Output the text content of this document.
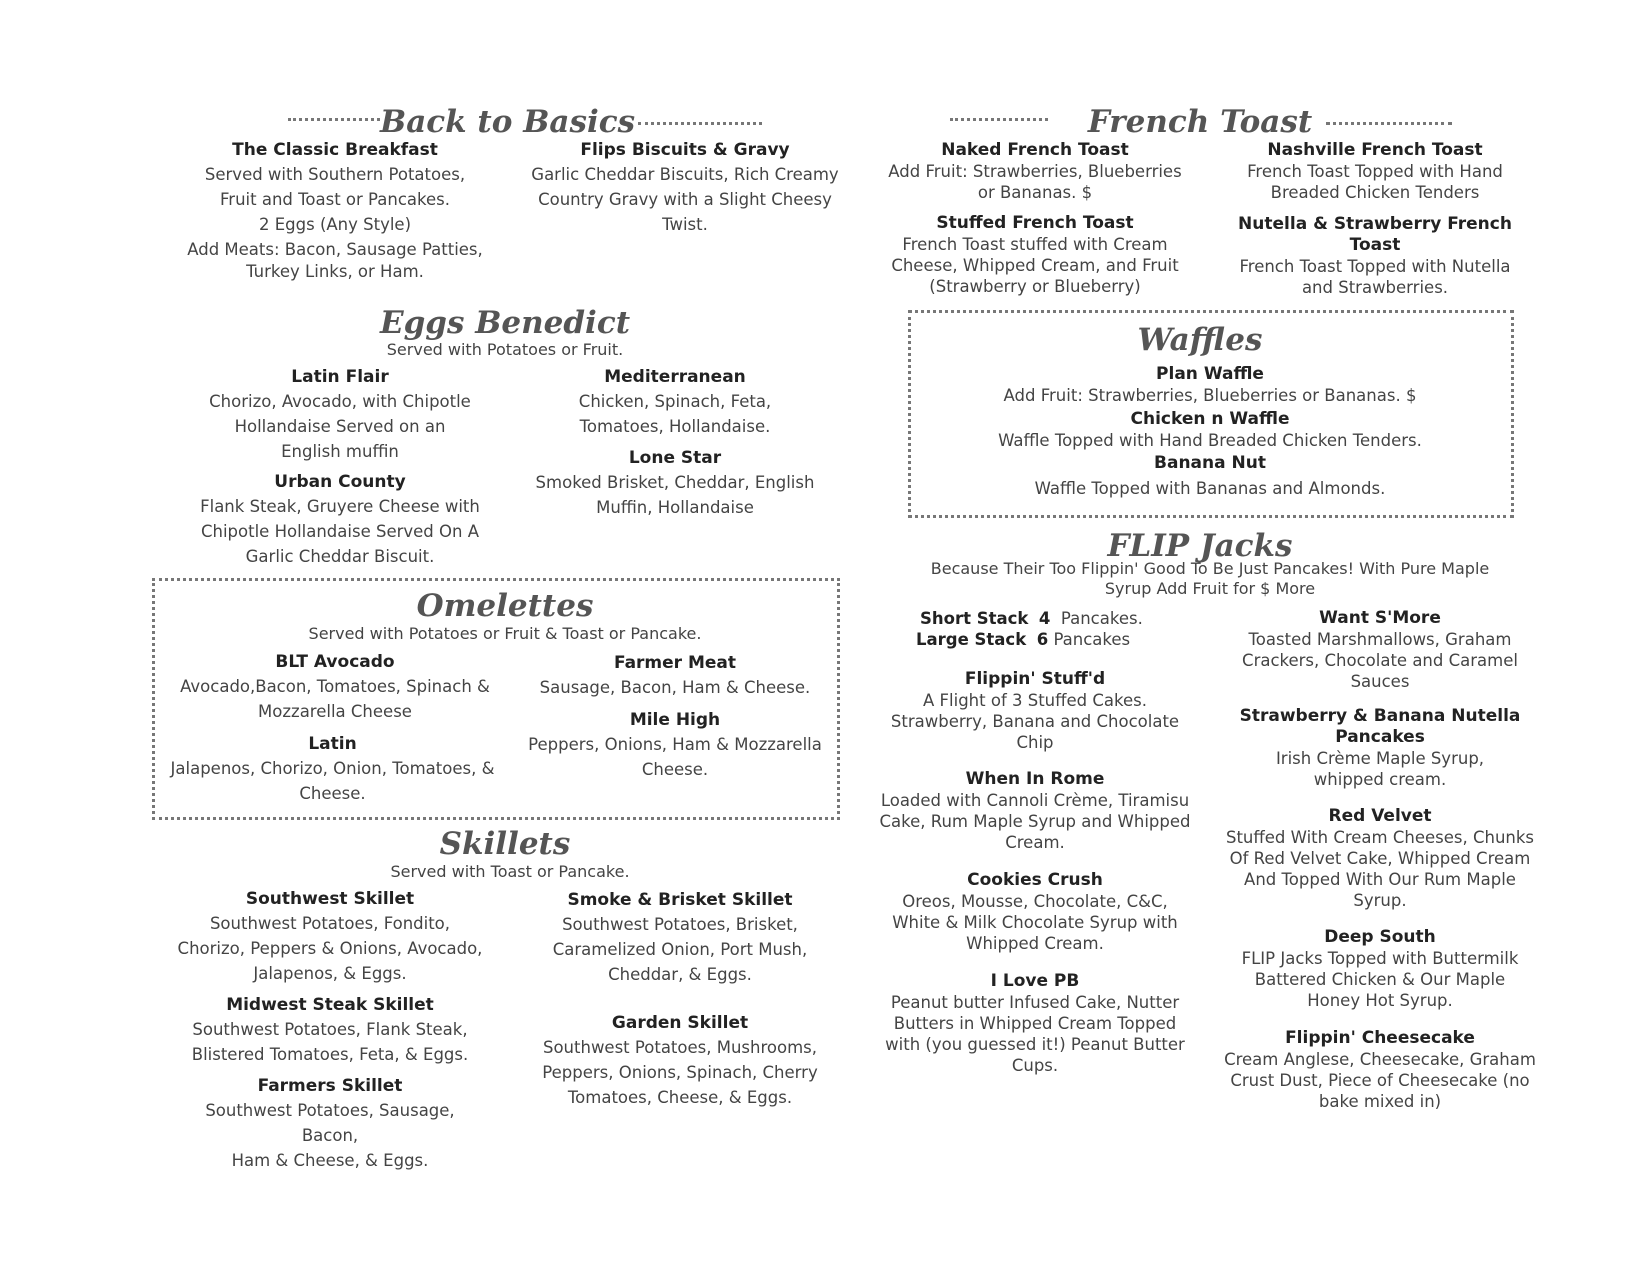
Back to Basics
The Classic Breakfast
Served with Southern Potatoes,
Fruit and Toast or Pancakes.
2 Eggs (Any Style)
Add Meats: Bacon, Sausage Patties,
Turkey Links, or Ham.
Flips Biscuits & Gravy
Garlic Cheddar Biscuits, Rich Creamy
Country Gravy with a Slight Cheesy
Twist.
Eggs Benedict
Served with Potatoes or Fruit.
Latin Flair
Chorizo, Avocado, with Chipotle
Hollandaise Served on an
English muffin
Mediterranean
Chicken, Spinach, Feta,
Tomatoes, Hollandaise.
Urban County
Flank Steak, Gruyere Cheese with
Chipotle Hollandaise Served On A
Garlic Cheddar Biscuit.
Lone Star
Smoked Brisket, Cheddar, English
Muffin, Hollandaise
Omelettes
Served with Potatoes or Fruit & Toast or Pancake.
BLT Avocado
Avocado,Bacon, Tomatoes, Spinach &
Mozzarella Cheese
Farmer Meat
Sausage, Bacon, Ham & Cheese.
Latin
Jalapenos, Chorizo, Onion, Tomatoes, &
Cheese.
Mile High
Peppers, Onions, Ham & Mozzarella
Cheese.
Skillets
Served with Toast or Pancake.
Southwest Skillet
Southwest Potatoes, Fondito,
Chorizo, Peppers & Onions, Avocado,
Jalapenos, & Eggs.
Smoke & Brisket Skillet
Southwest Potatoes, Brisket,
Caramelized Onion, Port Mush,
Cheddar, & Eggs.
Midwest Steak Skillet
Southwest Potatoes, Flank Steak,
Blistered Tomatoes, Feta, & Eggs.
Garden Skillet
Southwest Potatoes, Mushrooms,
Peppers, Onions, Spinach, Cherry
Tomatoes, Cheese, & Eggs.
Farmers Skillet
Southwest Potatoes, Sausage, Bacon,
Ham & Cheese, & Eggs.
French Toast
Naked French Toast
Add Fruit: Strawberries, Blueberries
or Bananas. $
Nashville French Toast
French Toast Topped with Hand
Breaded Chicken Tenders
Stuffed French Toast
French Toast stuffed with Cream
Cheese, Whipped Cream, and Fruit
(Strawberry or Blueberry)
Nutella & Strawberry French Toast
French Toast Topped with Nutella
and Strawberries.
Waffles
Plan Waffle
Add Fruit: Strawberries, Blueberries or Bananas. $
Chicken n Waffle
Waffle Topped with Hand Breaded Chicken Tenders.
Banana Nut
Waffle Topped with Bananas and Almonds.
FLIP Jacks
Because Their Too Flippin' Good To Be Just Pancakes! With Pure Maple
Syrup Add Fruit for $ More
Short Stack 4 Pancakes.
Large Stack 6 Pancakes
Flippin' Stuff'd
A Flight of 3 Stuffed Cakes.
Strawberry, Banana and Chocolate
Chip
When In Rome
Loaded with Cannoli Crème, Tiramisu
Cake, Rum Maple Syrup and Whipped
Cream.
Cookies Crush
Oreos, Mousse, Chocolate, C&C,
White & Milk Chocolate Syrup with
Whipped Cream.
I Love PB
Peanut butter Infused Cake, Nutter
Butters in Whipped Cream Topped
with (you guessed it!) Peanut Butter
Cups.
Want S'More
Toasted Marshmallows, Graham
Crackers, Chocolate and Caramel
Sauces
Strawberry & Banana Nutella
Pancakes
Irish Crème Maple Syrup,
whipped cream.
Red Velvet
Stuffed With Cream Cheeses, Chunks
Of Red Velvet Cake, Whipped Cream
And Topped With Our Rum Maple
Syrup.
Deep South
FLIP Jacks Topped with Buttermilk
Battered Chicken & Our Maple
Honey Hot Syrup.
Flippin' Cheesecake
Cream Anglese, Cheesecake, Graham
Crust Dust, Piece of Cheesecake (no
bake mixed in)
